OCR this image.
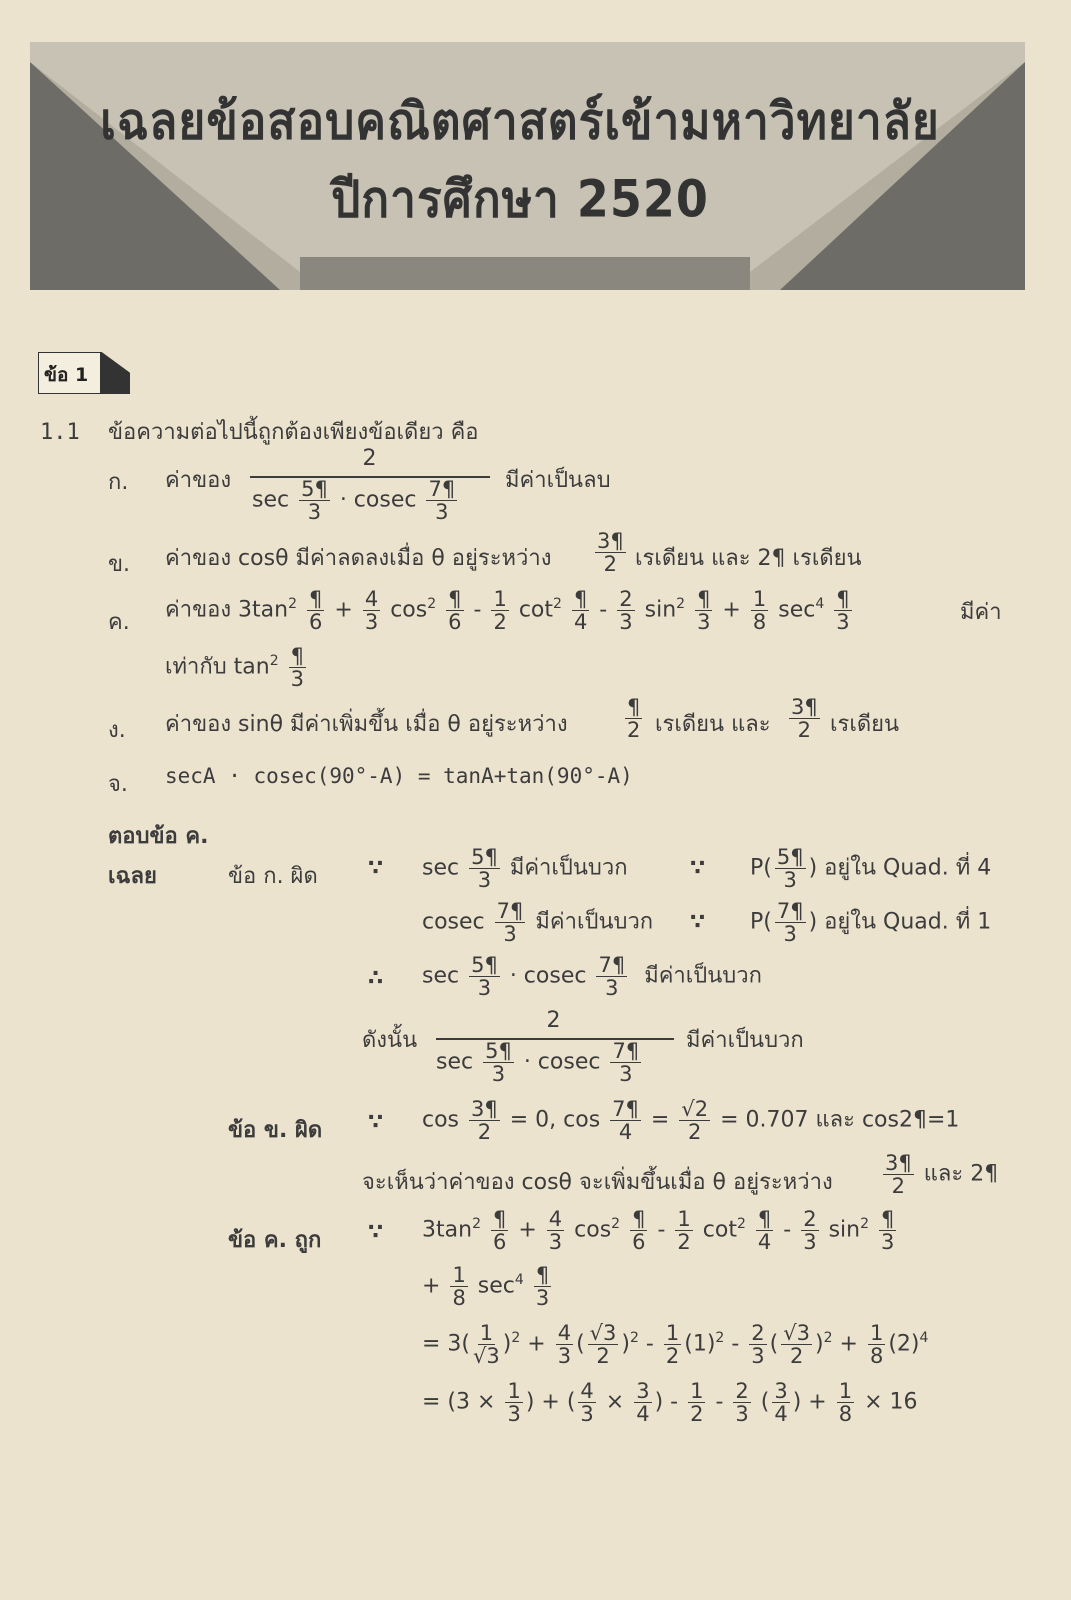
เฉลยข้อสอบคณิตศาสตร์เข้ามหาวิทยาลัย
ปีการศึกษา 2520
ข้อ 1
1.1 ข้อความต่อไปนี้ถูกต้องเพียงข้อเดียว คือ
ก. ค่าของ
2
$\sec \frac{5\P}{3} \cdot cosec \frac{7\P}{3}$ มีค่าเป็นลบ
ข. ค่าของ cosθ มีค่าลดลงเมื่อ θ อยู่ระหว่าง $\frac{3\P}{2}$ เรเดียน และ 2¶ เรเดียน
ค. ค่าของ $3\tan^2 \frac{\P}{6} + \frac{4}{3} \cos^2 \frac{\P}{6} - \frac{1}{2} \cot^2 \frac{\P}{4} - \frac{2}{3} \sin^2 \frac{\P}{3} + \frac{1}{8} \sec^4 \frac{\P}{3}$	มีค่า
เท่ากับ $\tan^2 \frac{\P}{3}$
ง. ค่าของ sinθ มีค่าเพิ่มขึ้น เมื่อ θ อยู่ระหว่าง	$\frac{\P}{2}$ เรเดียน และ $\frac{3\P}{2}$ เรเดียน
จ. secA · cosec(90°-A) = tanA+tan(90°-A)
ตอบข้อ ค.
เฉลย	ข้อ ก. ผิด ∵ $\sec \frac{5\P}{3}$ มีค่าเป็นบวก	∵ $P( \frac{5\P}{3}$ ) อยู่ใน Quad. ที่ 4
cosec $\frac{7\P}{3}$ มีค่าเป็นบวก ∵ $P( \frac{7\P}{3}$ ) อยู่ใน Quad. ที่ 1
∴ $\sec \frac{5\P}{3} \cdot cosec \frac{7\P}{3}$ มีค่าเป็นบวก
ดังนั้น
2
$\sec \frac{5\P}{3} \cdot cosec \frac{7\P}{3}$ มีค่าเป็นบวก
ข้อ ข. ผิด ∵ $\cos \frac{3\P}{2} = 0$, $\cos \frac{7\P}{4} = \frac{√2}{2} = 0.707$ และ cos2¶=1
จะเห็นว่าค่าของ cosθ จะเพิ่มขึ้นเมื่อ θ อยู่ระหว่าง $\frac{3\P}{2}$ และ 2¶
ข้อ ค. ถูก ∵ $3\tan^2 \frac{\P}{6} + \frac{4}{3} \cos^2 \frac{\P}{6} - \frac{1}{2} \cot^2 \frac{\P}{4} - \frac{2}{3} \sin^2 \frac{\P}{3}$
+ $\frac{1}{8} \sec^4 \frac{\P}{3}$
= $3( \frac{1}{√3} )^2 + \frac{4}{3}$ ( $\frac{√3}{2} )^2 - \frac{1}{2} (1)^2 - \frac{2}{3}$ ( $\frac{√3}{2} )^2 + \frac{1}{8} (2)^4$
= ($3 \times \frac{1}{3}$ ) + ( $\frac{4}{3} \times \frac{3}{4}$ ) - $\frac{1}{2} - \frac{2}{3}$ ( $\frac{3}{4}$ ) + $\frac{1}{8} \times 16$
